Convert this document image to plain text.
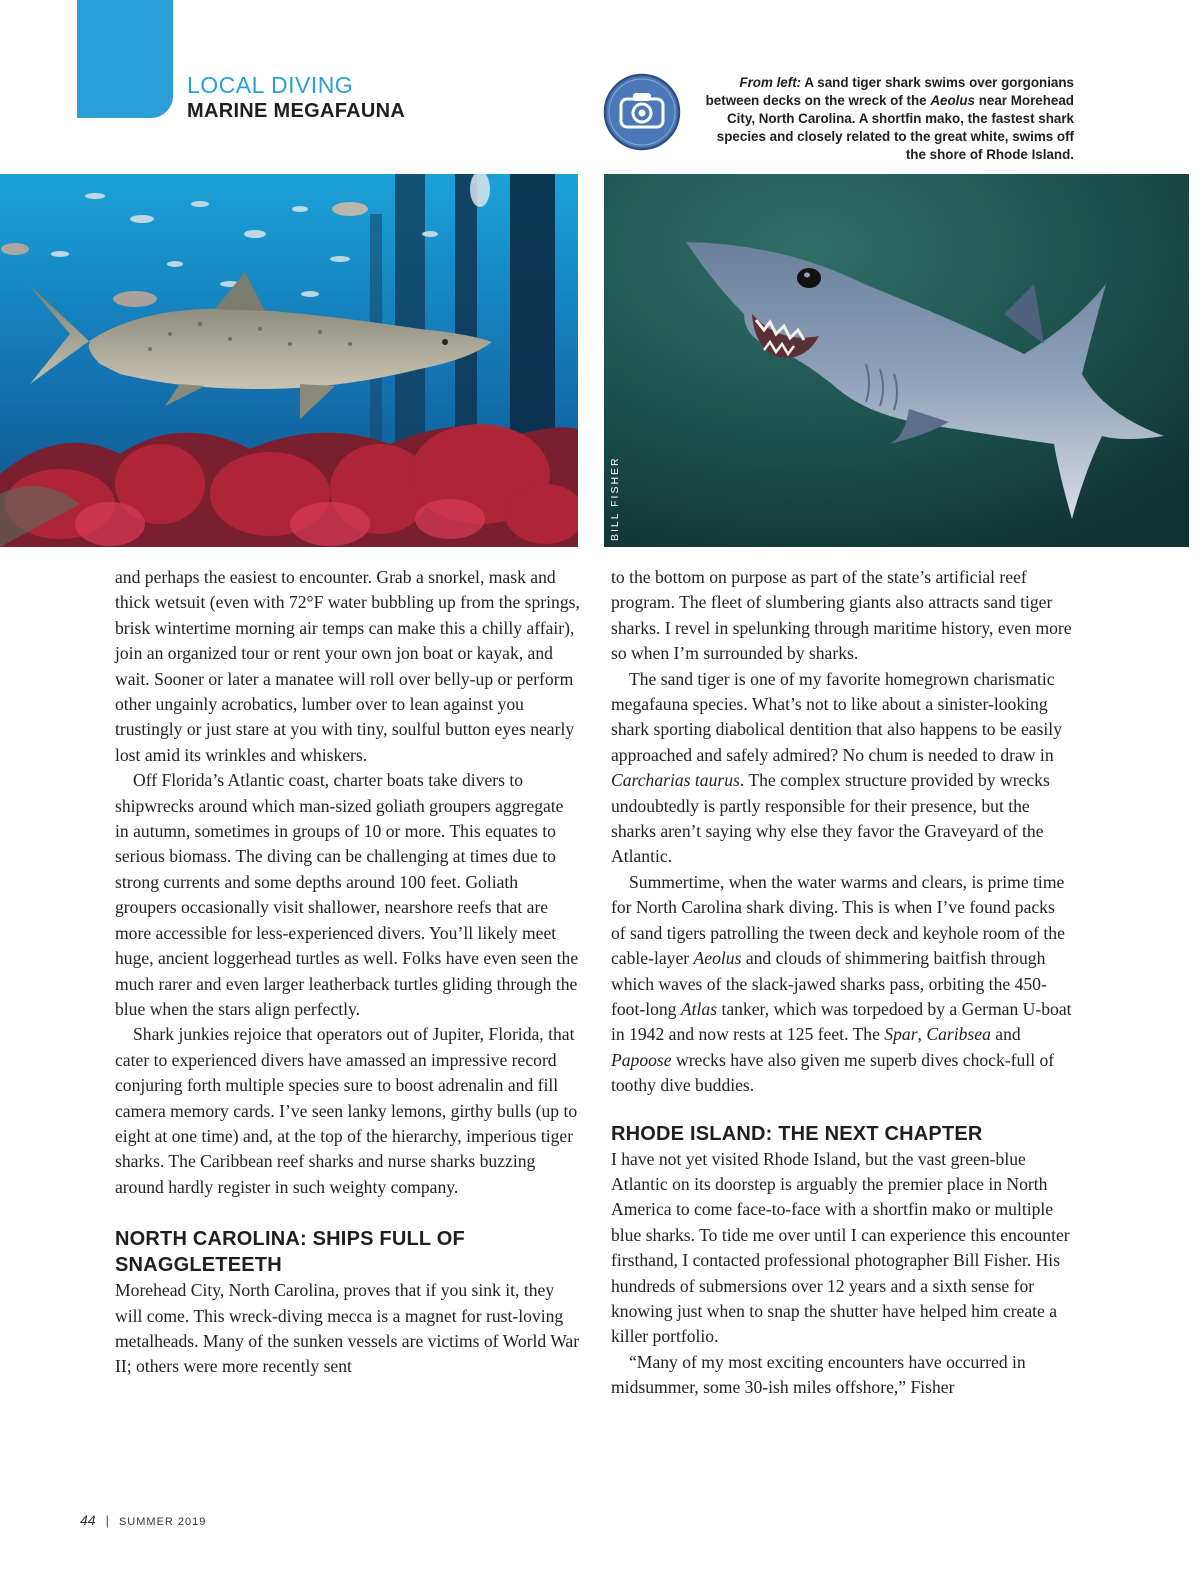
LOCAL DIVING
MARINE MEGAFAUNA

From left: A sand tiger shark swims over gorgonians between decks on the wreck of the Aeolus near Morehead City, North Carolina. A shortfin mako, the fastest shark species and closely related to the great white, swims off the shore of Rhode Island.

BILL FISHER

and perhaps the easiest to encounter. Grab a snorkel, mask and thick wetsuit (even with 72°F water bubbling up from the springs, brisk wintertime morning air temps can make this a chilly affair), join an organized tour or rent your own jon boat or kayak, and wait. Sooner or later a manatee will roll over belly-up or perform other ungainly acrobatics, lumber over to lean against you trustingly or just stare at you with tiny, soulful button eyes nearly lost amid its wrinkles and whiskers.

Off Florida’s Atlantic coast, charter boats take divers to shipwrecks around which man-sized goliath groupers aggregate in autumn, sometimes in groups of 10 or more. This equates to serious biomass. The diving can be challenging at times due to strong currents and some depths around 100 feet. Goliath groupers occasionally visit shallower, nearshore reefs that are more accessible for less-experienced divers. You’ll likely meet huge, ancient loggerhead turtles as well. Folks have even seen the much rarer and even larger leatherback turtles gliding through the blue when the stars align perfectly.

Shark junkies rejoice that operators out of Jupiter, Florida, that cater to experienced divers have amassed an impressive record conjuring forth multiple species sure to boost adrenalin and fill camera memory cards. I’ve seen lanky lemons, girthy bulls (up to eight at one time) and, at the top of the hierarchy, imperious tiger sharks. The Caribbean reef sharks and nurse sharks buzzing around hardly register in such weighty company.

NORTH CAROLINA: SHIPS FULL OF SNAGGLETEETH

Morehead City, North Carolina, proves that if you sink it, they will come. This wreck-diving mecca is a magnet for rust-loving metalheads. Many of the sunken vessels are victims of World War II; others were more recently sent

to the bottom on purpose as part of the state’s artificial reef program. The fleet of slumbering giants also attracts sand tiger sharks. I revel in spelunking through maritime history, even more so when I’m surrounded by sharks.

The sand tiger is one of my favorite homegrown charismatic megafauna species. What’s not to like about a sinister-looking shark sporting diabolical dentition that also happens to be easily approached and safely admired? No chum is needed to draw in Carcharias taurus. The complex structure provided by wrecks undoubtedly is partly responsible for their presence, but the sharks aren’t saying why else they favor the Graveyard of the Atlantic.

Summertime, when the water warms and clears, is prime time for North Carolina shark diving. This is when I’ve found packs of sand tigers patrolling the tween deck and keyhole room of the cable-layer Aeolus and clouds of shimmering baitfish through which waves of the slack-jawed sharks pass, orbiting the 450-foot-long Atlas tanker, which was torpedoed by a German U-boat in 1942 and now rests at 125 feet. The Spar, Caribsea and Papoose wrecks have also given me superb dives chock-full of toothy dive buddies.

RHODE ISLAND: THE NEXT CHAPTER

I have not yet visited Rhode Island, but the vast green-blue Atlantic on its doorstep is arguably the premier place in North America to come face-to-face with a shortfin mako or multiple blue sharks. To tide me over until I can experience this encounter firsthand, I contacted professional photographer Bill Fisher. His hundreds of submersions over 12 years and a sixth sense for knowing just when to snap the shutter have helped him create a killer portfolio.

“Many of my most exciting encounters have occurred in midsummer, some 30-ish miles offshore,” Fisher

44 | SUMMER 2019
